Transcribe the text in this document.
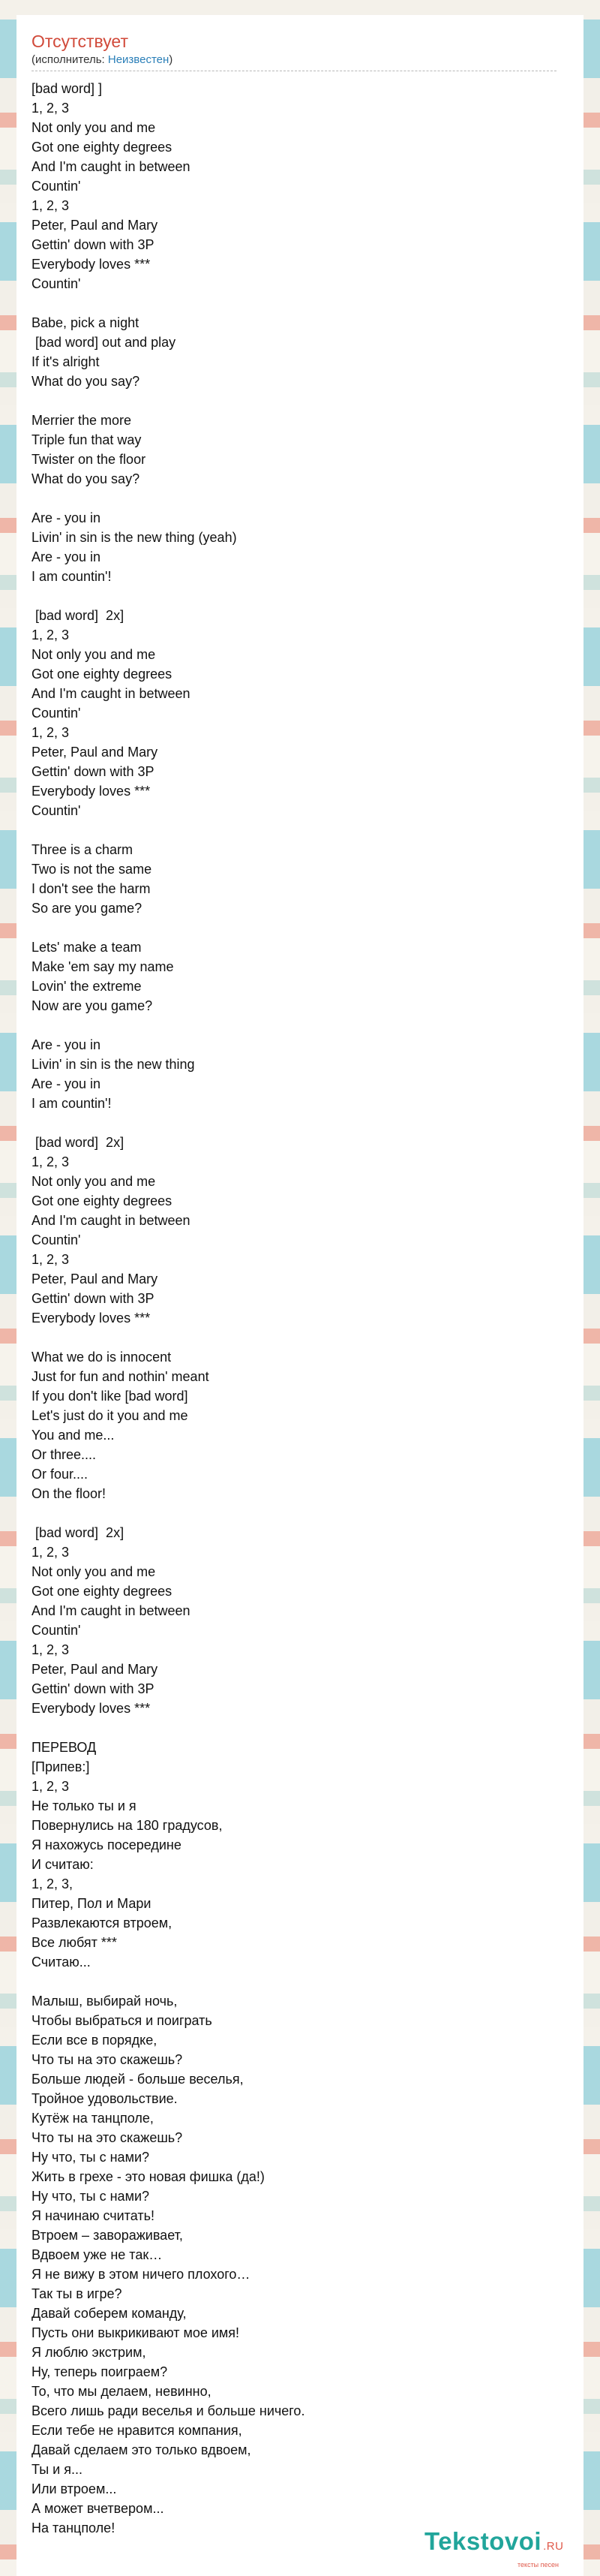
Отсутствует
(исполнитель: Неизвестен)
[bad word] ]
1, 2, 3
Not only you and me
Got one eighty degrees
And I'm caught in between
Countin'
1, 2, 3
Peter, Paul and Mary
Gettin' down with 3P
Everybody loves ***
Countin'
Babe, pick a night
[bad word] out and play
If it's alright
What do you say?
Merrier the more
Triple fun that way
Twister on the floor
What do you say?
Are - you in
Livin' in sin is the new thing (yeah)
Are - you in
I am countin'!
[bad word]  2x]
1, 2, 3
Not only you and me
Got one eighty degrees
And I'm caught in between
Countin'
1, 2, 3
Peter, Paul and Mary
Gettin' down with 3P
Everybody loves ***
Countin'
Three is a charm
Two is not the same
I don't see the harm
So are you game?
Lets' make a team
Make 'em say my name
Lovin' the extreme
Now are you game?
Are - you in
Livin' in sin is the new thing
Are - you in
I am countin'!
[bad word]  2x]
1, 2, 3
Not only you and me
Got one eighty degrees
And I'm caught in between
Countin'
1, 2, 3
Peter, Paul and Mary
Gettin' down with 3P
Everybody loves ***
What we do is innocent
Just for fun and nothin' meant
If you don't like [bad word]
Let's just do it you and me
You and me...
Or three....
Or four....
On the floor!
[bad word]  2x]
1, 2, 3
Not only you and me
Got one eighty degrees
And I'm caught in between
Countin'
1, 2, 3
Peter, Paul and Mary
Gettin' down with 3P
Everybody loves ***
ПЕРЕВОД
[Припев:]
1, 2, 3
Не только ты и я
Повернулись на 180 градусов,
Я нахожусь посередине
И считаю:
1, 2, 3,
Питер, Пол и Мари
Развлекаются втроем,
Все любят ***
Считаю...
Малыш, выбирай ночь,
Чтобы выбраться и поиграть
Если все в порядке,
Что ты на это скажешь?
Больше людей - больше веселья,
Тройное удовольствие.
Кутёж на танцполе,
Что ты на это скажешь?
Ну что, ты с нами?
Жить в грехе - это новая фишка (да!)
Ну что, ты с нами?
Я начинаю считать!
Втроем – завораживает,
Вдвоем уже не так…
Я не вижу в этом ничего плохого…
Так ты в игре?
Давай соберем команду,
Пусть они выкрикивают мое имя!
Я люблю экстрим,
Ну, теперь поиграем?
То, что мы делаем, невинно,
Всего лишь ради веселья и больше ничего.
Если тебе не нравится компания,
Давай сделаем это только вдвоем,
Ты и я...
Или втроем...
А может вчетвером...
На танцполе!	Tekstovoi .RU
тексты песен
